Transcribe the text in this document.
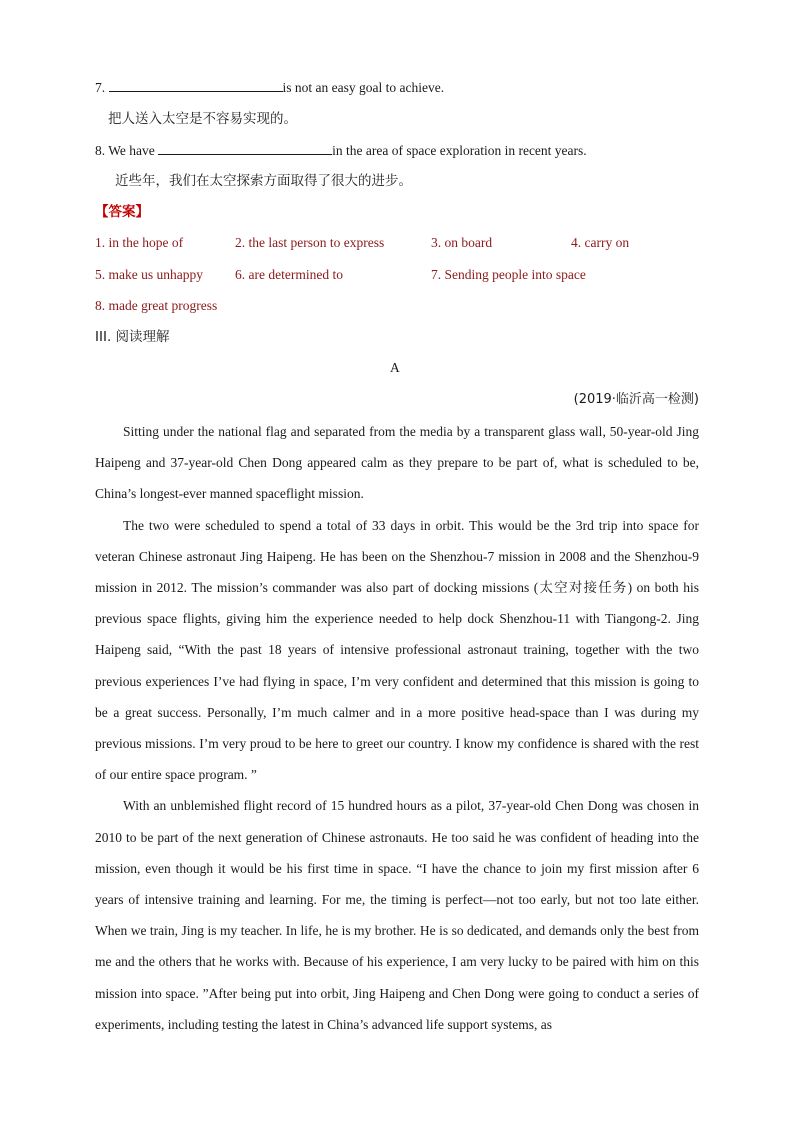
7.	is not an easy goal to achieve.
把人送入太空是不容易实现的。
8. We have	in the area of space exploration in recent years.
近些年，我们在太空探索方面取得了很大的进步。
【答案】
1. in the hope of	2. the last person to express	3. on board	4. carry on
5. make us unhappy 6. are determined to	7. Sending people into space
8. made great progress
III. 阅读理解
A
(2019·临沂高一检测)

Sitting under the national flag and separated from the media by a transparent glass wall, 50-year-old Jing Haipeng and 37-year-old Chen Dong appeared calm as they prepare to be part of, what is scheduled to be, China’s longest-ever manned spaceflight mission.

The two were scheduled to spend a total of 33 days in orbit. This would be the 3rd trip into space for veteran Chinese astronaut Jing Haipeng. He has been on the Shenzhou-7 mission in 2008 and the Shenzhou-9 mission in 2012. The mission’s commander was also part of docking missions (太空对接任务) on both his previous space flights, giving him the experience needed to help dock Shenzhou-11 with Tiangong-2. Jing Haipeng said, “With the past 18 years of intensive professional astronaut training, together with the two previous experiences I’ve had flying in space, I’m very confident and determined that this mission is going to be a great success. Personally, I’m much calmer and in a more positive head-space than I was during my previous missions. I’m very proud to be here to greet our country. I know my confidence is shared with the rest of our entire space program. ”

With an unblemished flight record of 15 hundred hours as a pilot, 37-year-old Chen Dong was chosen in 2010 to be part of the next generation of Chinese astronauts. He too said he was confident of heading into the mission, even though it would be his first time in space. “I have the chance to join my first mission after 6 years of intensive training and learning. For me, the timing is perfect—not too early, but not too late either. When we train, Jing is my teacher. In life, he is my brother. He is so dedicated, and demands only the best from me and the others that he works with. Because of his experience, I am very lucky to be paired with him on this mission into space. ”After being put into orbit, Jing Haipeng and Chen Dong were going to conduct a series of experiments, including testing the latest in China’s advanced life support systems, as
